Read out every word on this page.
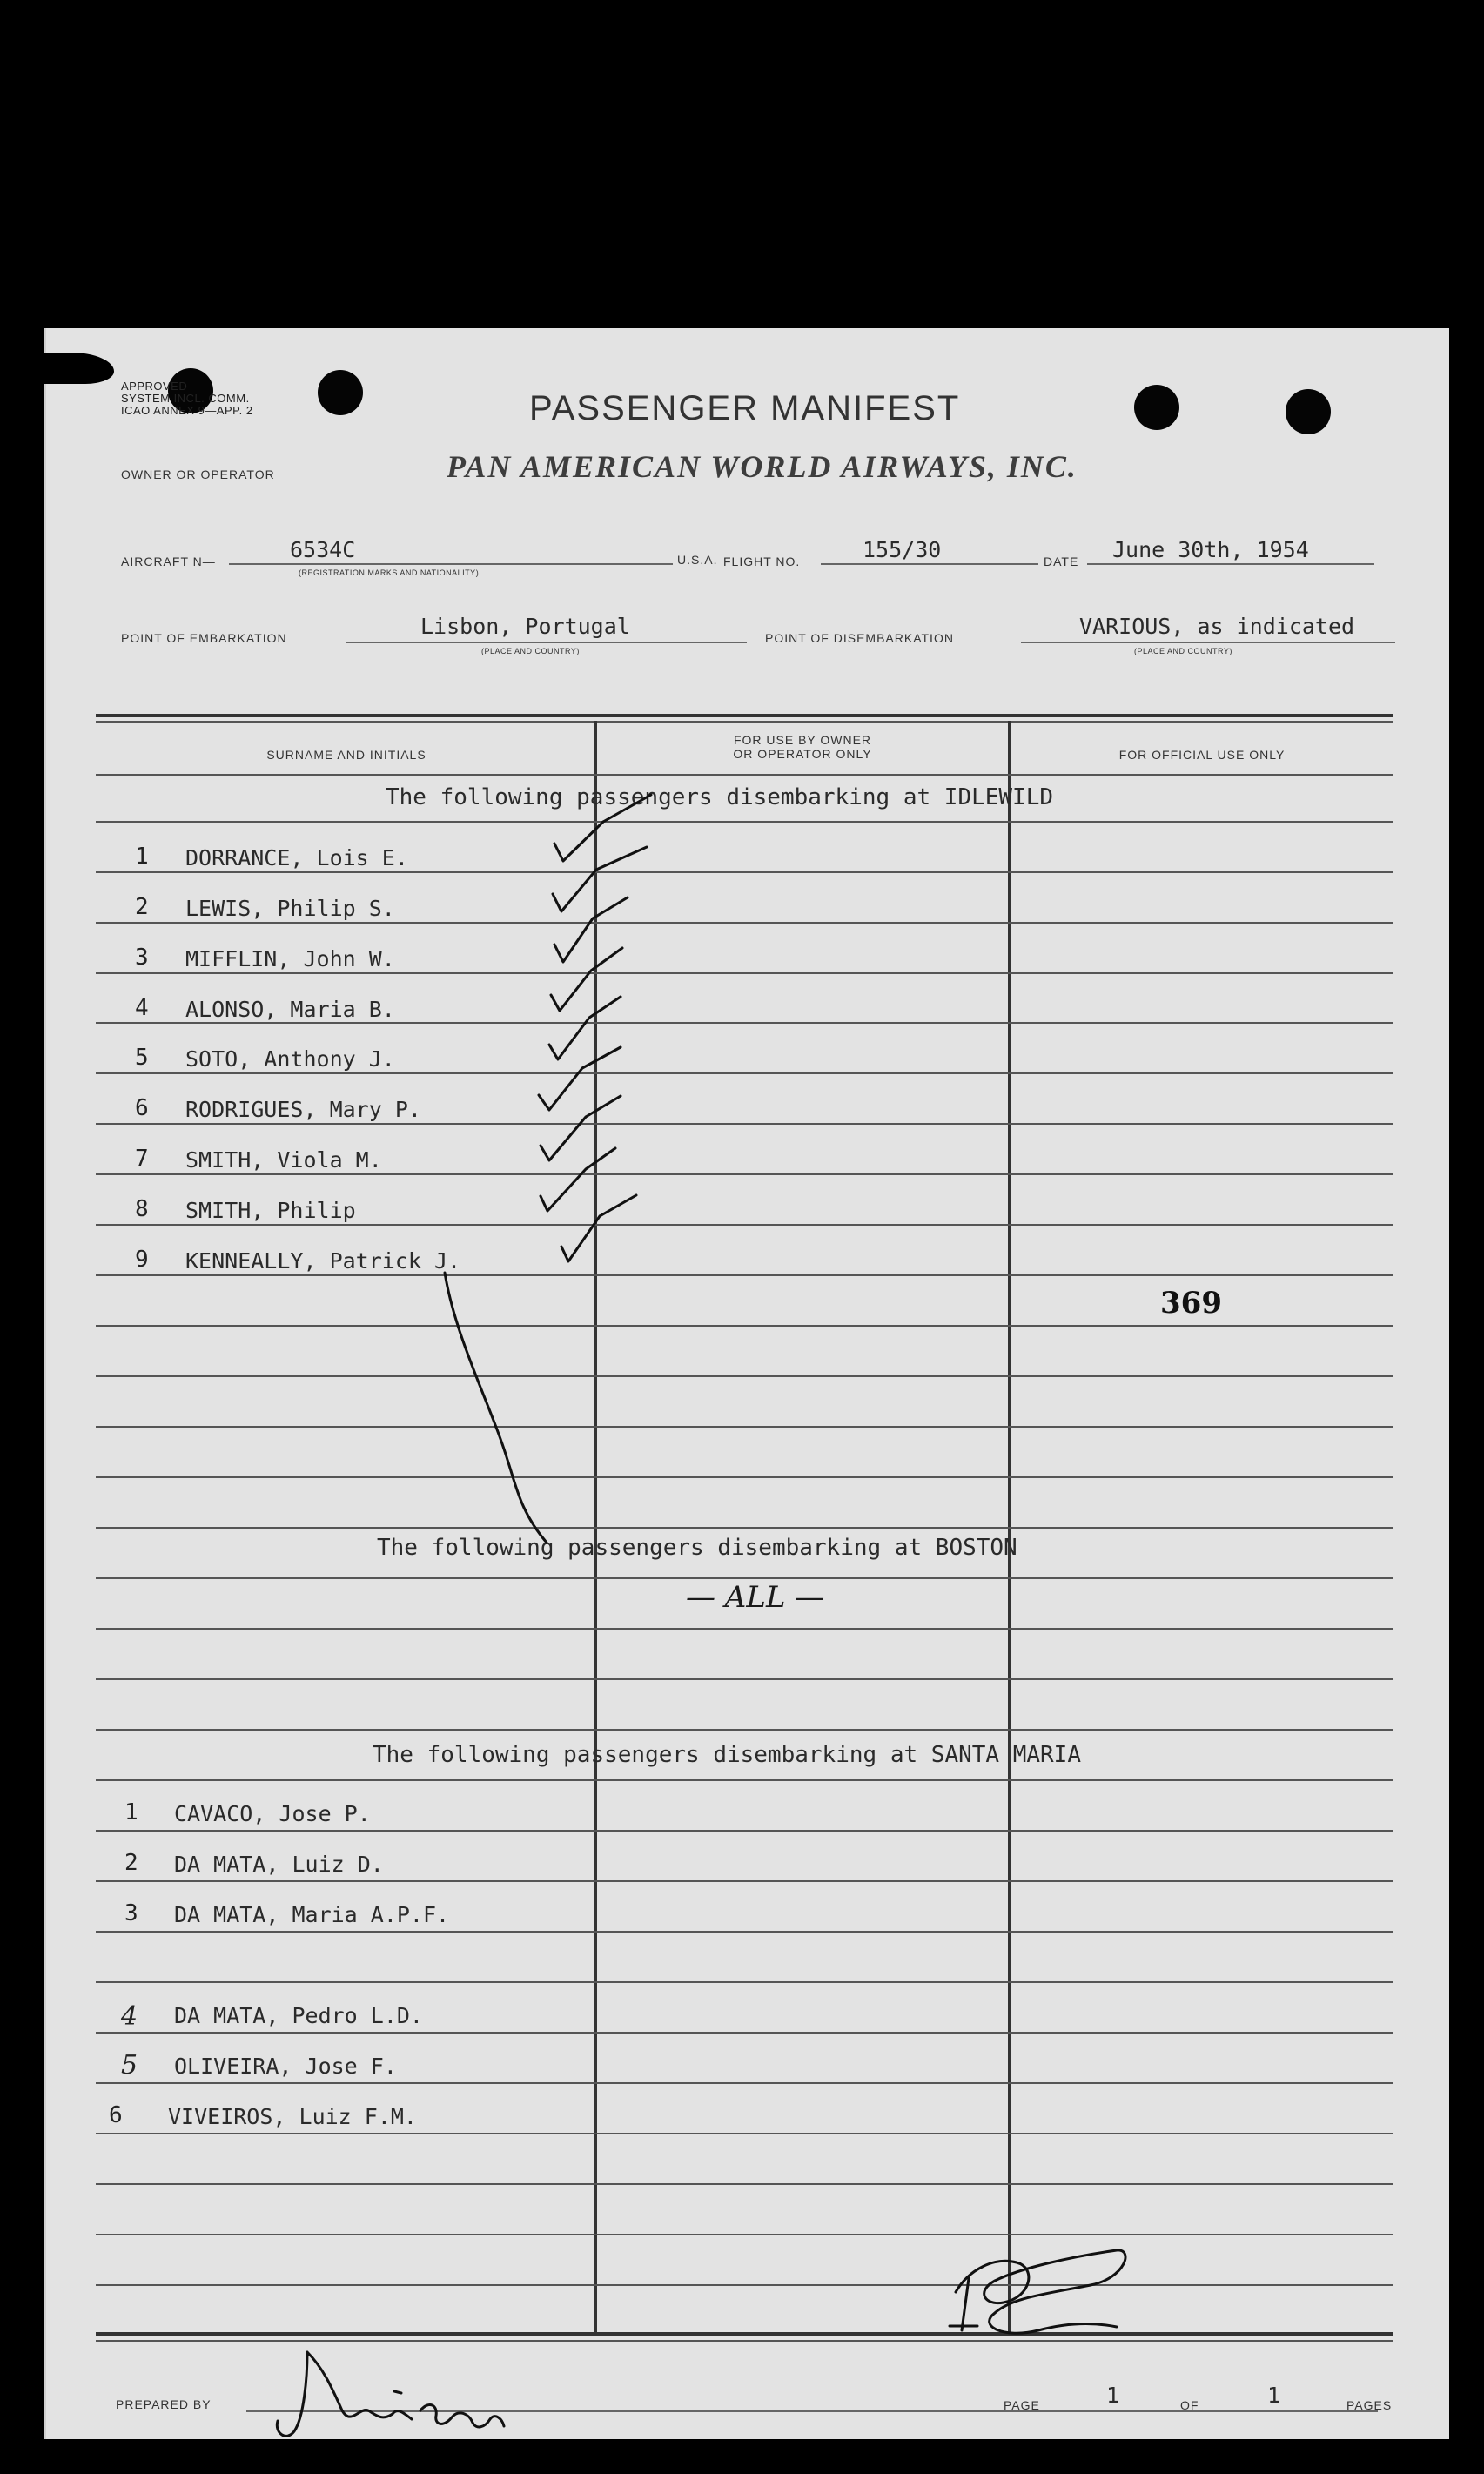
APPROVED
SYSTEM INCL. COMM.
ICAO ANNEX 9—APP. 2	PASSENGER MANIFEST
OWNER OR OPERATOR	PAN AMERICAN WORLD AIRWAYS, INC.
AIRCRAFT N—	6534C
(REGISTRATION MARKS AND NATIONALITY)
U.S.A. FLIGHT NO.	155/30	DATE June 30th, 1954
POINT OF EMBARKATION	Lisbon, Portugal
(PLACE AND COUNTRY)
POINT OF DISEMBARKATION	VARIOUS, as indicated
(PLACE AND COUNTRY)
SURNAME AND INITIALS
FOR USE BY OWNER
OR OPERATOR ONLY	FOR OFFICIAL USE ONLY
The following passengers disembarking at IDLEWILD
1 DORRANCE, Lois E.
2 LEWIS, Philip S.
3 MIFFLIN, John W.
4 ALONSO, Maria B.
5 SOTO, Anthony J.
6 RODRIGUES, Mary P.
7 SMITH, Viola M.
8 SMITH, Philip
9 KENNEALLY, Patrick J.
369
The following passengers disembarking at BOSTON
— ALL —
The following passengers disembarking at SANTA MARIA
1 CAVACO, Jose P.
2 DA MATA, Luiz D.
3 DA MATA, Maria A.P.F.
4 DA MATA, Pedro L.D.
5 OLIVEIRA, Jose F.
6 VIVEIROS, Luiz F.M.
PREPARED BY	PAGE	1	OF	1	PAGES
